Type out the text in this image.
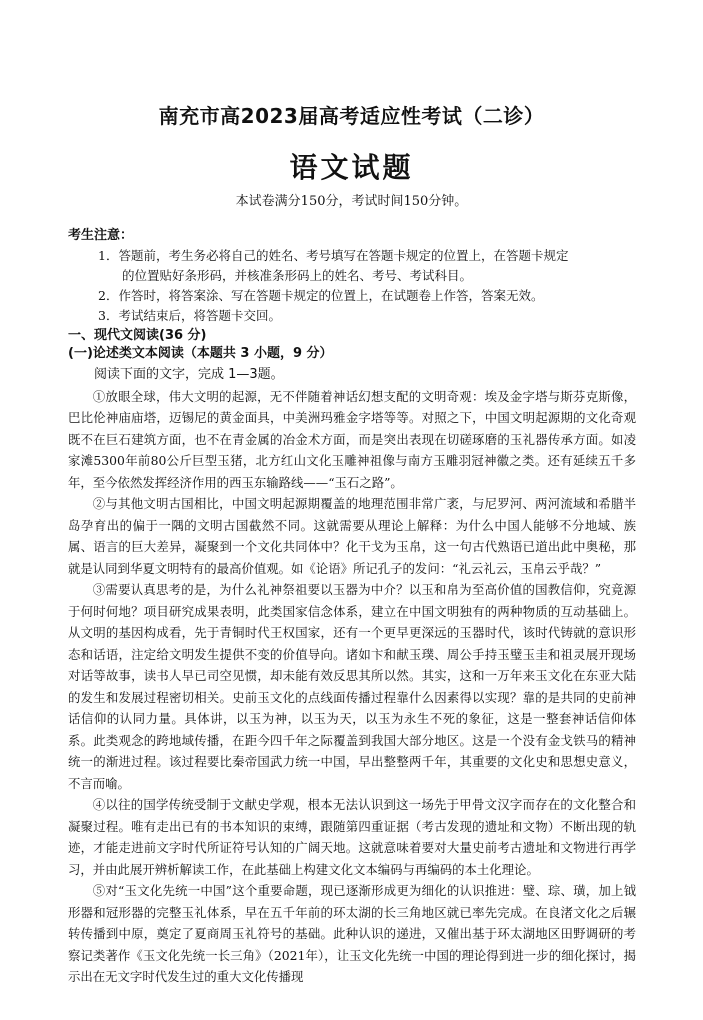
南充市高2023届高考适应性考试（二诊）
语文试题
本试卷满分150分，考试时间150分钟。
考生注意：
1．答题前，考生务必将自己的姓名、考号填写在答题卡规定的位置上，在答题卡规定
的位置贴好条形码，并核准条形码上的姓名、考号、考试科目。
2．作答时，将答案涂、写在答题卡规定的位置上，在试题卷上作答，答案无效。
3．考试结束后，将答题卡交回。
一、现代文阅读(36 分)
(一)论述类文本阅读（本题共 3 小题，9 分）

阅读下面的文字，完成 1—3题。

①放眼全球，伟大文明的起源，无不伴随着神话幻想支配的文明奇观：埃及金字塔与斯芬克斯像，巴比伦神庙庙塔，迈锡尼的黄金面具，中美洲玛雅金字塔等等。对照之下，中国文明起源期的文化奇观既不在巨石建筑方面，也不在青金属的冶金术方面，而是突出表现在切磋琢磨的玉礼器传承方面。如凌家滩5300年前80公斤巨型玉猪，北方红山文化玉雕神祖像与南方玉雕羽冠神徽之类。还有延续五千多年，至今依然发挥经济作用的西玉东输路线——“玉石之路”。

②与其他文明古国相比，中国文明起源期覆盖的地理范围非常广袤，与尼罗河、两河流域和希腊半岛孕育出的偏于一隅的文明古国截然不同。这就需要从理论上解释：为什么中国人能够不分地域、族属、语言的巨大差异，凝聚到一个文化共同体中？化干戈为玉帛，这一句古代熟语已道出此中奥秘，那就是认同到华夏文明特有的最高价值观。如《论语》所记孔子的发问：“礼云礼云，玉帛云乎哉？”

③需要认真思考的是，为什么礼神祭祖要以玉器为中介？以玉和帛为至高价值的国教信仰，究竟源于何时何地？项目研究成果表明，此类国家信念体系，建立在中国文明独有的两种物质的互动基础上。从文明的基因构成看，先于青铜时代王权国家，还有一个更早更深远的玉器时代，该时代铸就的意识形态和话语，注定给文明发生提供不变的价值导向。诸如卞和献玉璞、周公手持玉璧玉圭和祖灵展开现场对话等故事，读书人早已司空见惯，却未能有效反思其所以然。其实，这和一万年来玉文化在东亚大陆的发生和发展过程密切相关。史前玉文化的点线面传播过程靠什么因素得以实现？靠的是共同的史前神话信仰的认同力量。具体讲，以玉为神，以玉为天，以玉为永生不死的象征，这是一整套神话信仰体系。此类观念的跨地域传播，在距今四千年之际覆盖到我国大部分地区。这是一个没有金戈铁马的精神统一的渐进过程。该过程要比秦帝国武力统一中国，早出整整两千年，其重要的文化史和思想史意义，不言而喻。

④以往的国学传统受制于文献史学观，根本无法认识到这一场先于甲骨文汉字而存在的文化整合和凝聚过程。唯有走出已有的书本知识的束缚，跟随第四重证据（考古发现的遗址和文物）不断出现的轨迹，才能走进前文字时代所证符号认知的广阔天地。这就意味着要对大量史前考古遗址和文物进行再学习，并由此展开辨析解读工作，在此基础上构建文化文本编码与再编码的本土化理论。

⑤对“玉文化先统一中国”这个重要命题，现已逐渐形成更为细化的认识推进：璧、琮、璜，加上钺形器和冠形器的完整玉礼体系，早在五千年前的环太湖的长三角地区就已率先完成。在良渚文化之后辗转传播到中原，奠定了夏商周玉礼符号的基础。此种认识的递进，又催出基于环太湖地区田野调研的考察记类著作《玉文化先统一长三角》（2021年），让玉文化先统一中国的理论得到进一步的细化探讨，揭示出在无文字时代发生过的重大文化传播现
